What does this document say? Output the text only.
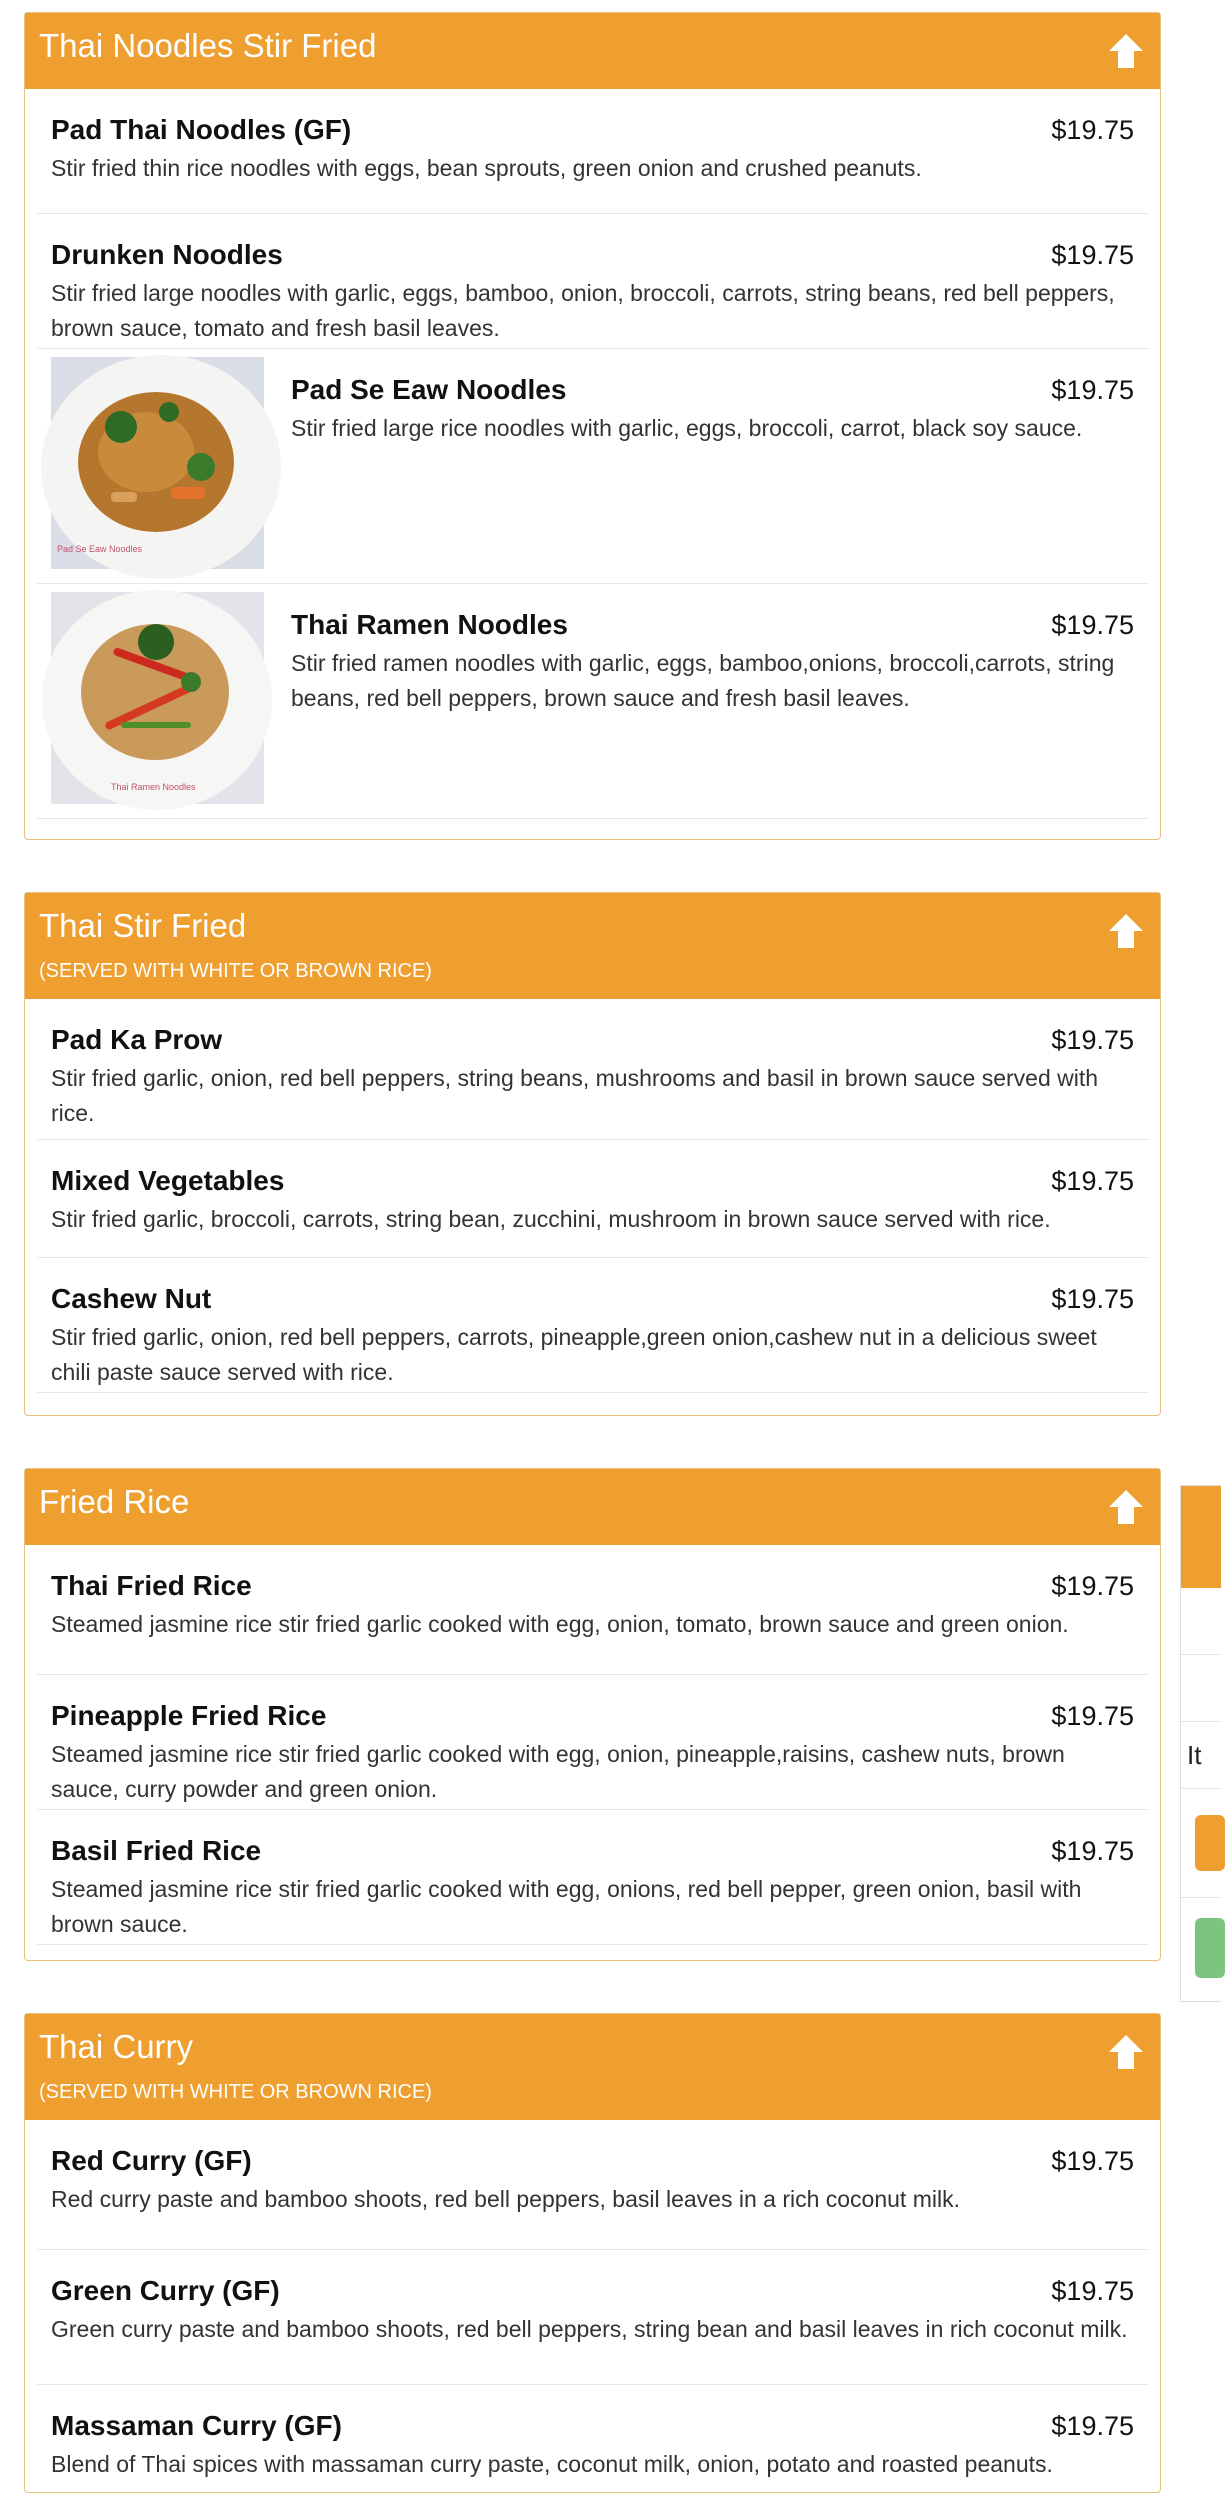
Thai Noodles Stir Fried
Pad Thai Noodles (GF)	$19.75
Stir fried thin rice noodles with eggs, bean sprouts, green onion and crushed peanuts.
Drunken Noodles	$19.75
Stir fried large noodles with garlic, eggs, bamboo, onion, broccoli, carrots, string beans, red bell peppers, brown sauce, tomato and fresh basil leaves.
Pad Se Eaw Noodles
Pad Se Eaw Noodles	$19.75
Stir fried large rice noodles with garlic, eggs, broccoli, carrot, black soy sauce.
Thai Ramen Noodles
Thai Ramen Noodles	$19.75
Stir fried ramen noodles with garlic, eggs, bamboo,onions, broccoli,carrots, string beans, red bell peppers, brown sauce and fresh basil leaves.
Thai Stir Fried
(SERVED WITH WHITE OR BROWN RICE)
Pad Ka Prow	$19.75
Stir fried garlic, onion, red bell peppers, string beans, mushrooms and basil in brown sauce served with rice.
Mixed Vegetables	$19.75
Stir fried garlic, broccoli, carrots, string bean, zucchini, mushroom in brown sauce served with rice.
Cashew Nut	$19.75
Stir fried garlic, onion, red bell peppers, carrots, pineapple,green onion,cashew nut in a delicious sweet chili paste sauce served with rice.
Fried Rice
Thai Fried Rice	$19.75
Steamed jasmine rice stir fried garlic cooked with egg, onion, tomato, brown sauce and green onion.
Pineapple Fried Rice	$19.75
Steamed jasmine rice stir fried garlic cooked with egg, onion, pineapple,raisins, cashew nuts, brown sauce, curry powder and green onion.
Basil Fried Rice	$19.75
Steamed jasmine rice stir fried garlic cooked with egg, onions, red bell pepper, green onion, basil with brown sauce.
Thai Curry
(SERVED WITH WHITE OR BROWN RICE)
Red Curry (GF)	$19.75
Red curry paste and bamboo shoots, red bell peppers, basil leaves in a rich coconut milk.
Green Curry (GF)	$19.75
Green curry paste and bamboo shoots, red bell peppers, string bean and basil leaves in rich coconut milk.
Massaman Curry (GF)	$19.75
Blend of Thai spices with massaman curry paste, coconut milk, onion, potato and roasted peanuts.
It
